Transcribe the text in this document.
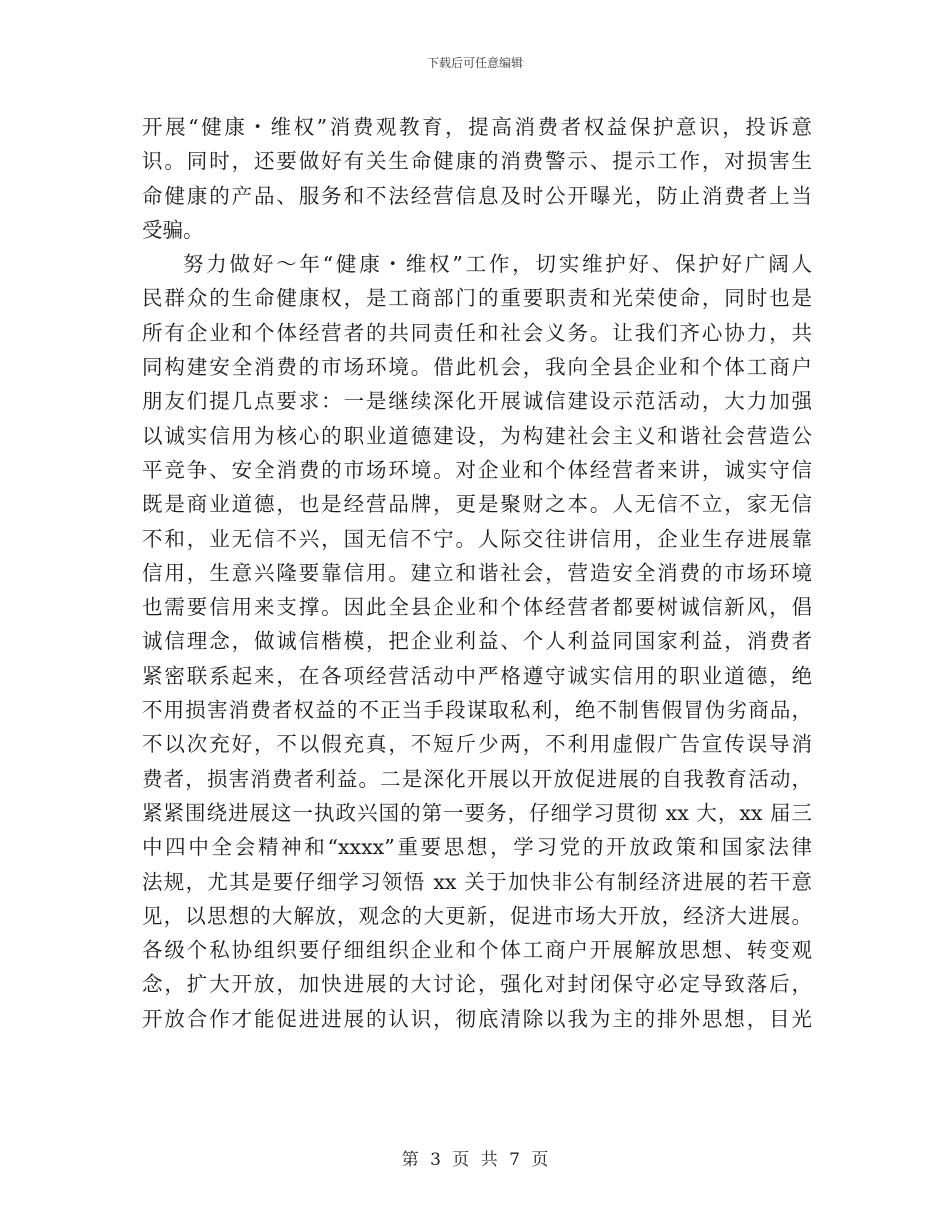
下载后可任意编辑
开展“健康・维权”消费观教育，提高消费者权益保护意识，投诉意
识。同时，还要做好有关生命健康的消费警示、提示工作，对损害生
命健康的产品、服务和不法经营信息及时公开曝光，防止消费者上当
受骗。
努力做好～年“健康・维权”工作，切实维护好、保护好广阔人
民群众的生命健康权，是工商部门的重要职责和光荣使命，同时也是
所有企业和个体经营者的共同责任和社会义务。让我们齐心协力，共
同构建安全消费的市场环境。借此机会，我向全县企业和个体工商户
朋友们提几点要求：一是继续深化开展诚信建设示范活动，大力加强
以诚实信用为核心的职业道德建设，为构建社会主义和谐社会营造公
平竞争、安全消费的市场环境。对企业和个体经营者来讲，诚实守信
既是商业道德，也是经营品牌，更是聚财之本。人无信不立，家无信
不和，业无信不兴，国无信不宁。人际交往讲信用，企业生存进展靠
信用，生意兴隆要靠信用。建立和谐社会，营造安全消费的市场环境
也需要信用来支撑。因此全县企业和个体经营者都要树诚信新风，倡
诚信理念，做诚信楷模，把企业利益、个人利益同国家利益，消费者
紧密联系起来，在各项经营活动中严格遵守诚实信用的职业道德，绝
不用损害消费者权益的不正当手段谋取私利，绝不制售假冒伪劣商品，
不以次充好，不以假充真，不短斤少两，不利用虚假广告宣传误导消
费者，损害消费者利益。二是深化开展以开放促进展的自我教育活动，
紧紧围绕进展这一执政兴国的第一要务，仔细学习贯彻 xx 大，xx 届三
中四中全会精神和“xxxx”重要思想，学习党的开放政策和国家法律
法规，尤其是要仔细学习领悟 xx 关于加快非公有制经济进展的若干意
见，以思想的大解放，观念的大更新，促进市场大开放，经济大进展。
各级个私协组织要仔细组织企业和个体工商户开展解放思想、转变观
念，扩大开放，加快进展的大讨论，强化对封闭保守必定导致落后，
开放合作才能促进进展的认识，彻底清除以我为主的排外思想，目光
第 3 页 共 7 页
